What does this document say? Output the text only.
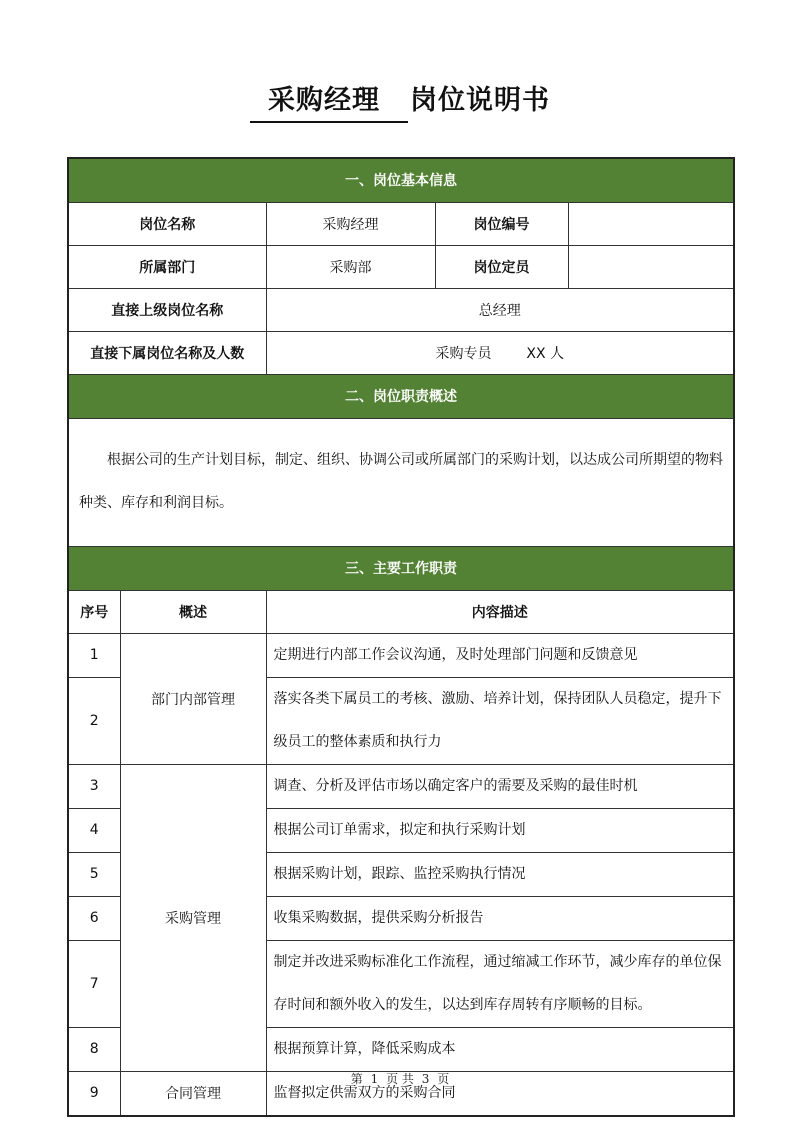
采购经理 岗位说明书
一、岗位基本信息				
岗位名称		采购经理	岗位编号	
所属部门		采购部	岗位定员	
直接上级岗位名称		总经理		
直接下属岗位名称及人数		采购专员 XX 人		
二、岗位职责概述				
根据公司的生产计划目标，制定、组织、协调公司或所属部门的采购计划，以达成公司所期望的物料种类、库存和利润目标。				
三、主要工作职责				
序号	概述	内容描述		
1	部门内部管理	定期进行内部工作会议沟通，及时处理部门问题和反馈意见		
2		落实各类下属员工的考核、激励、培养计划，保持团队人员稳定，提升下级员工的整体素质和执行力		
3	采购管理	调查、分析及评估市场以确定客户的需要及采购的最佳时机		
4		根据公司订单需求，拟定和执行采购计划		
5		根据采购计划，跟踪、监控采购执行情况		
6		收集采购数据，提供采购分析报告		
7		制定并改进采购标准化工作流程，通过缩减工作环节，减少库存的单位保存时间和额外收入的发生，以达到库存周转有序顺畅的目标。		
8		根据预算计算，降低采购成本		
9	合同管理	监督拟定供需双方的采购合同		
第 1 页 共 3 页
